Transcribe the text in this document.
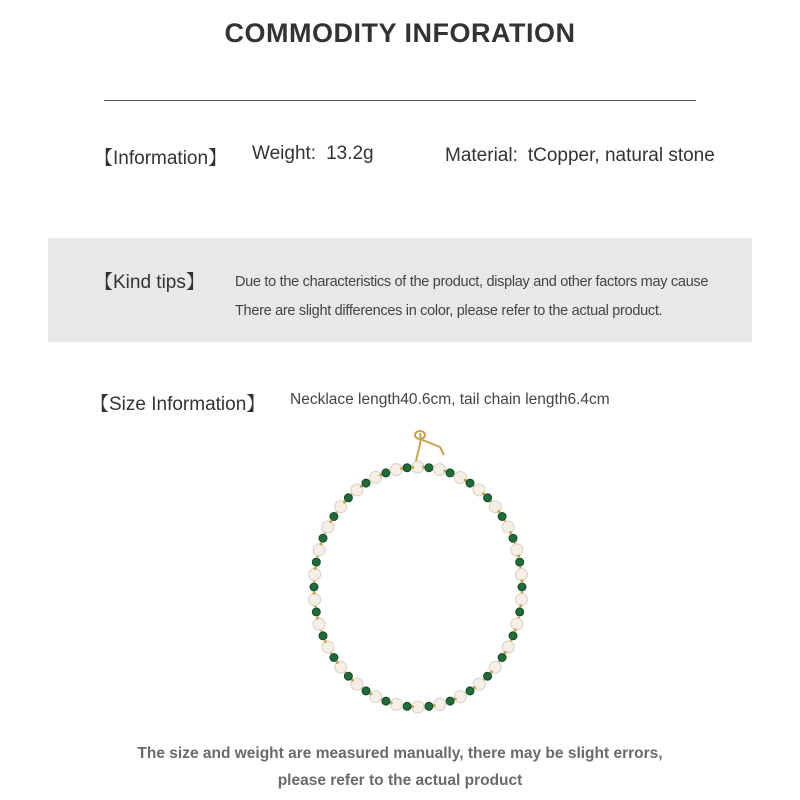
COMMODITY INFORATION
【Information】 Weight: 13.2g	Material: tCopper, natural stone
【Kind tips】 Due to the characteristics of the product, display and other factors may cause
There are slight differences in color, please refer to the actual product.
【Size Information】 Necklace length40.6cm, tail chain length6.4cm
The size and weight are measured manually, there may be slight errors,
please refer to the actual product
